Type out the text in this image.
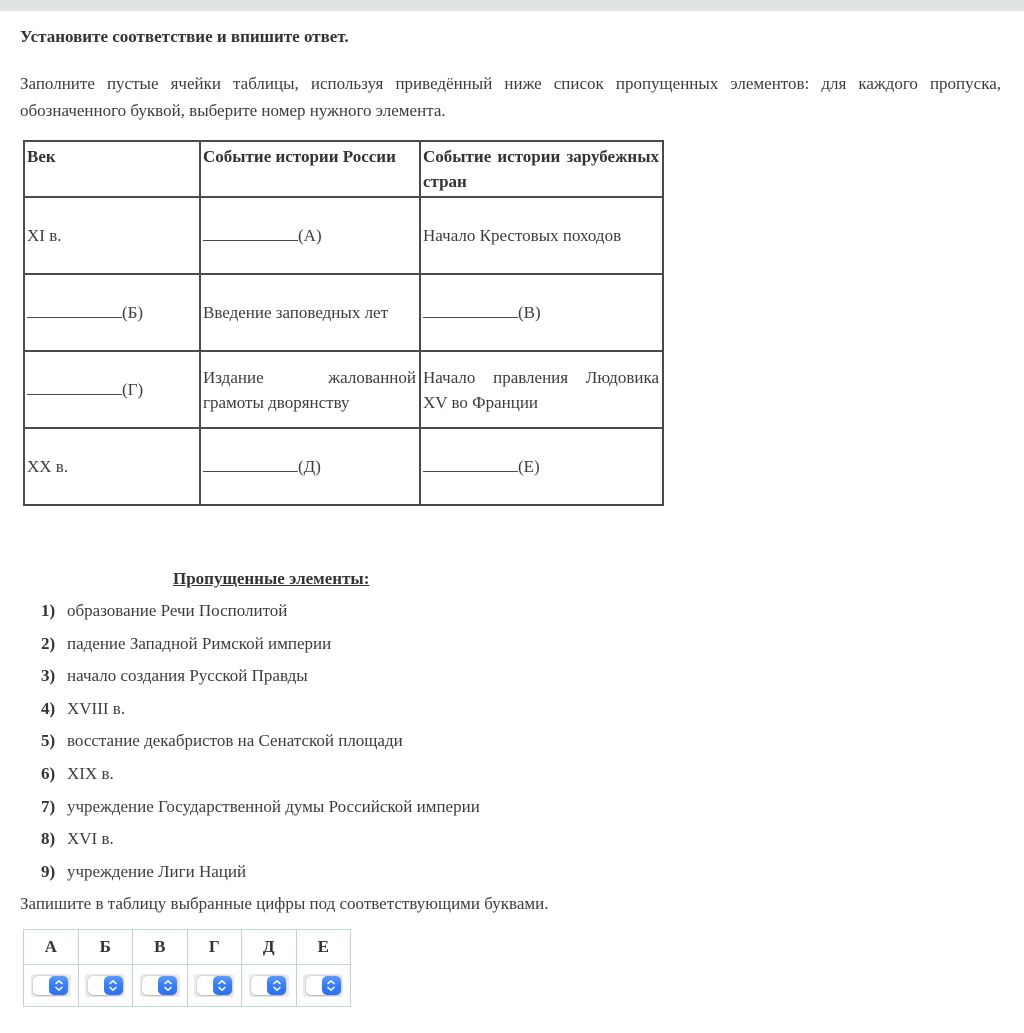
Установите соответствие и впишите ответ.

Заполните пустые ячейки таблицы, используя приведённый ниже список пропущенных элементов: для каждого пропуска, обозначенного буквой, выберите номер нужного элемента.

Век	Событие истории России	Событие истории зарубежных стран
XI в.	(А)	Начало Крестовых походов
(Б)	Введение заповедных лет	(В)
(Г)	Издание жалованной грамоты дворянству	Начало правления Людовика XV во Франции
XX в.	(Д)	(Е)
Пропущенные элементы:
1) образование Речи Посполитой
2) падение Западной Римской империи
3) начало создания Русской Правды
4) XVIII в.
5) восстание декабристов на Сенатской площади
6) XIX в.
7) учреждение Государственной думы Российской империи
8) XVI в.
9) учреждение Лиги Наций

Запишите в таблицу выбранные цифры под соответствующими буквами.

А	Б	В	Г	Д	Е
